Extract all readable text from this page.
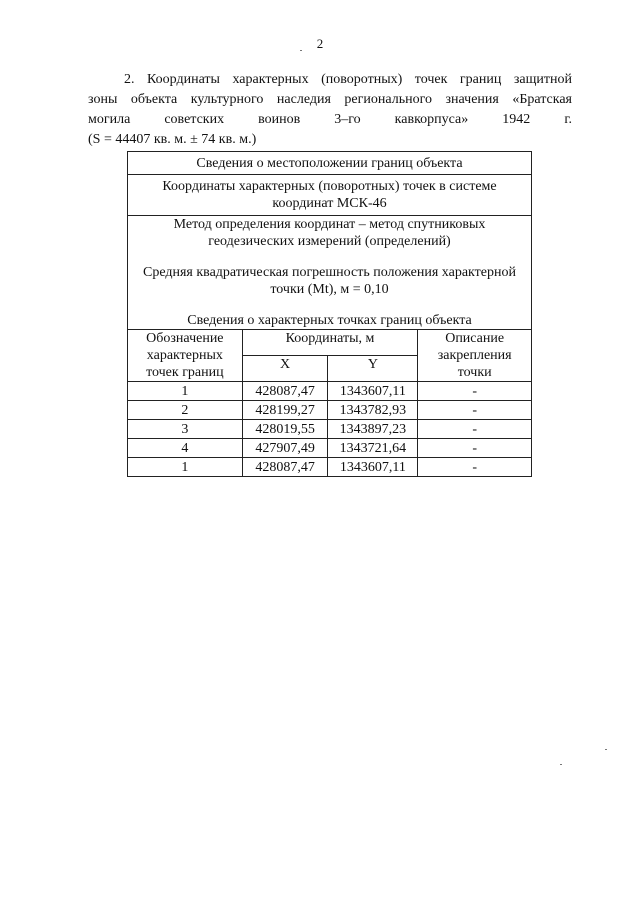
2
2. Координаты характерных (поворотных) точек границ защитной
зоны объекта культурного наследия регионального значения «Братская
могила советских воинов 3–го кавкорпуса» 1942 г.
(S = 44407 кв. м. ± 74 кв. м.)
Сведения о местоположении границ объекта			
Координаты характерных (поворотных) точек в системе координат МСК-46			

Метод определения координат – метод спутниковых геодезических измерений (определений)

Средняя квадратическая погрешность положения характерной точки (Mt), м = 0,10

Сведения о характерных точках границ объекта			

Обозначение характерных точек границ	Координаты, м		Описание закрепления точки
	X	Y	
1	428087,47	1343607,11	-
2	428199,27	1343782,93	-
3	428019,55	1343897,23	-
4	427907,49	1343721,64	-
1	428087,47	1343607,11	-
